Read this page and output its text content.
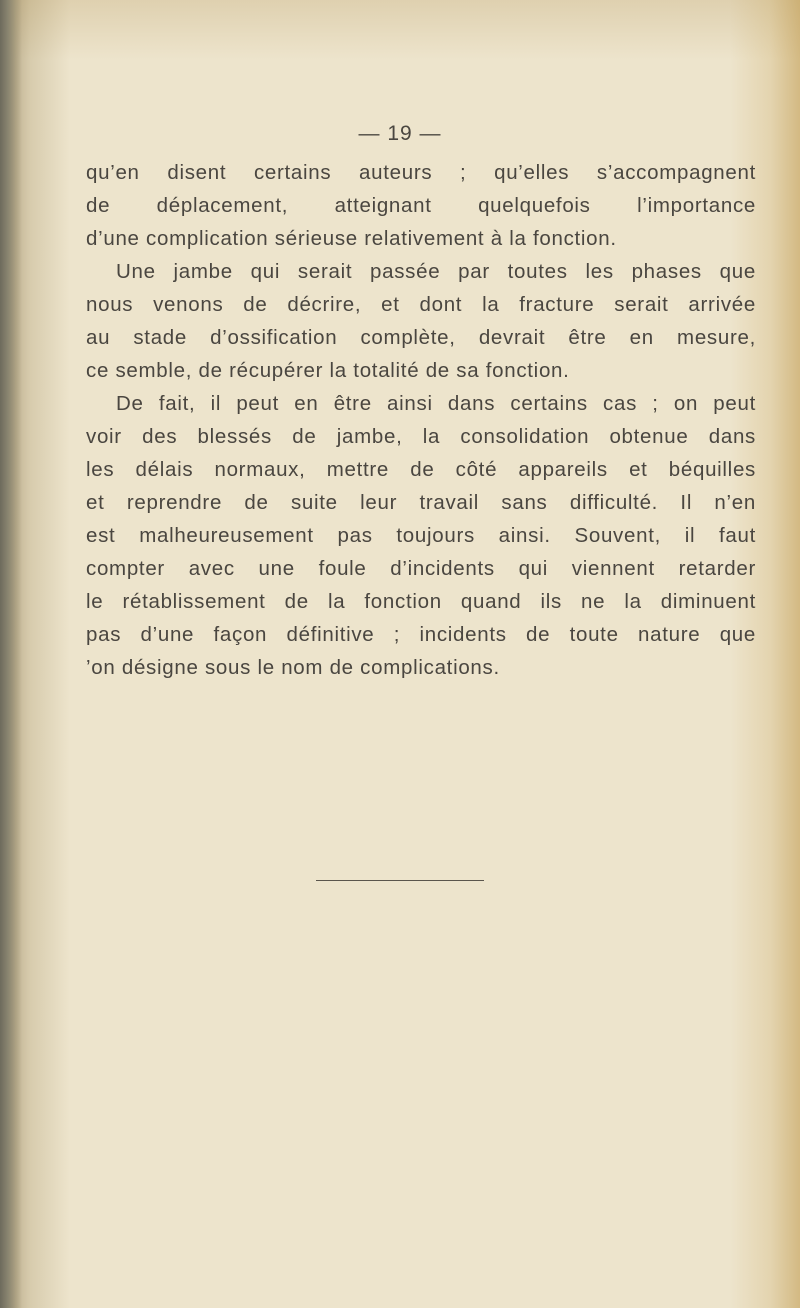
— 19 —
qu’en disent certains auteurs ; qu’elles s’accompagnent
de déplacement, atteignant quelquefois l’importance
d’une complication sérieuse relativement à la fonction.
Une jambe qui serait passée par toutes les phases que
nous venons de décrire, et dont la fracture serait arrivée
au stade d’ossification complète, devrait être en mesure,
ce semble, de récupérer la totalité de sa fonction.
De fait, il peut en être ainsi dans certains cas ; on peut
voir des blessés de jambe, la consolidation obtenue dans
les délais normaux, mettre de côté appareils et béquilles
et reprendre de suite leur travail sans difficulté. Il n’en
est malheureusement pas toujours ainsi. Souvent, il faut
compter avec une foule d’incidents qui viennent retarder
le rétablissement de la fonction quand ils ne la diminuent
pas d’une façon définitive ; incidents de toute nature que
’on désigne sous le nom de complications.
